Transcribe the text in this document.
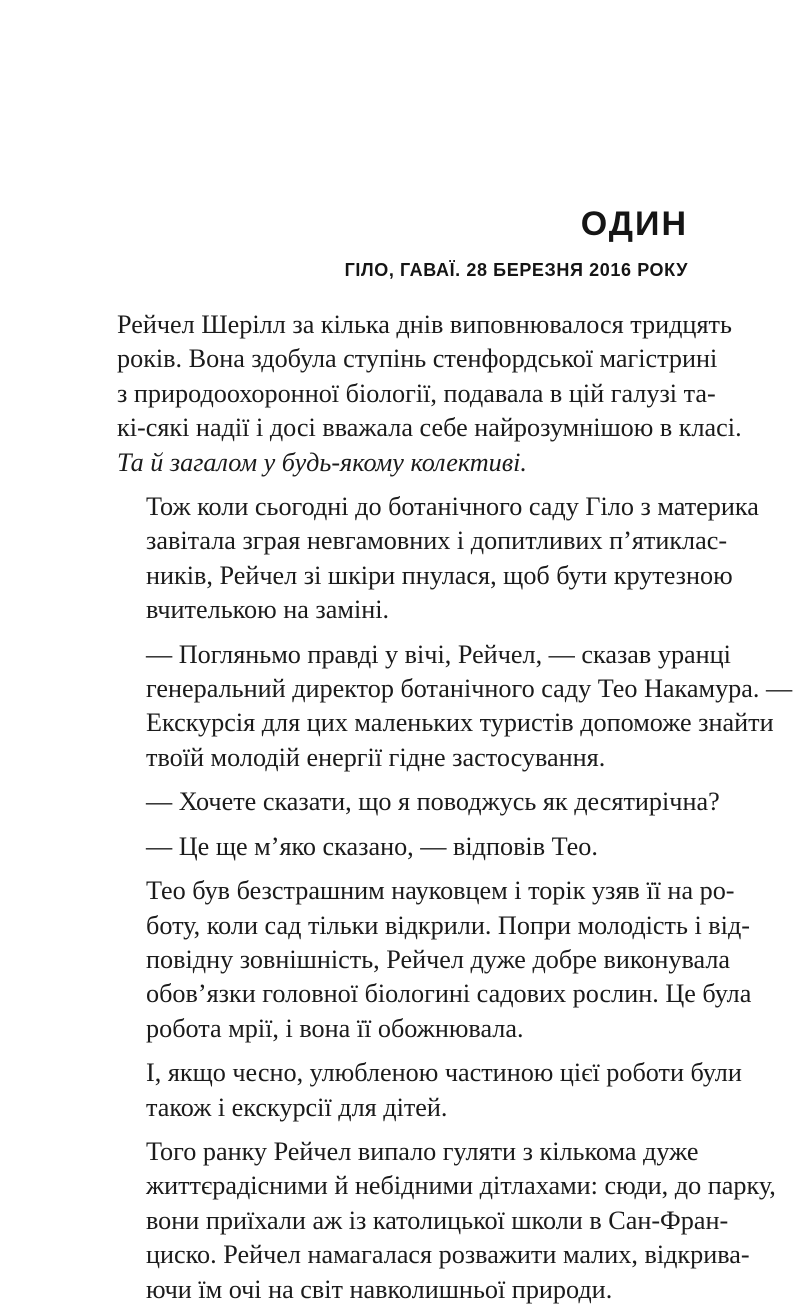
ОДИН
ГІЛО, ГАВАЇ. 28 БЕРЕЗНЯ 2016 РОКУ
Рейчел Шерілл за кілька днів виповнювалося тридцять
років. Вона здобула ступінь стенфордської магістрині
з природоохоронної біології, подавала в цій галузі та-
кі-сякі надії і досі вважала себе найрозумнішою в класі.
Та й загалом у будь-якому колективі.
Тож коли сьогодні до ботанічного саду Гіло з материка
завітала зграя невгамовних і допитливих п’ятиклас-
ників, Рейчел зі шкіри пнулася, щоб бути крутезною
вчителькою на заміні.
— Погляньмо правді у вічі, Рейчел, — сказав уранці
генеральний директор ботанічного саду Тео Накамура. —
Екскурсія для цих маленьких туристів допоможе знайти
твоїй молодій енергії гідне застосування.
— Хочете сказати, що я поводжусь як десятирічна?
— Це ще м’яко сказано, — відповів Тео.
Тео був безстрашним науковцем і торік узяв її на ро-
боту, коли сад тільки відкрили. Попри молодість і від-
повідну зовнішність, Рейчел дуже добре виконувала
обов’язки головної біологині садових рослин. Це була
робота мрії, і вона її обожнювала.
І, якщо чесно, улюбленою частиною цієї роботи були
також і екскурсії для дітей.
Того ранку Рейчел випало гуляти з кількома дуже
життєрадісними й небідними дітлахами: сюди, до парку,
вони приїхали аж із католицької школи в Сан-Фран-
циско. Рейчел намагалася розважити малих, відкрива-
ючи їм очі на світ навколишньої природи.
